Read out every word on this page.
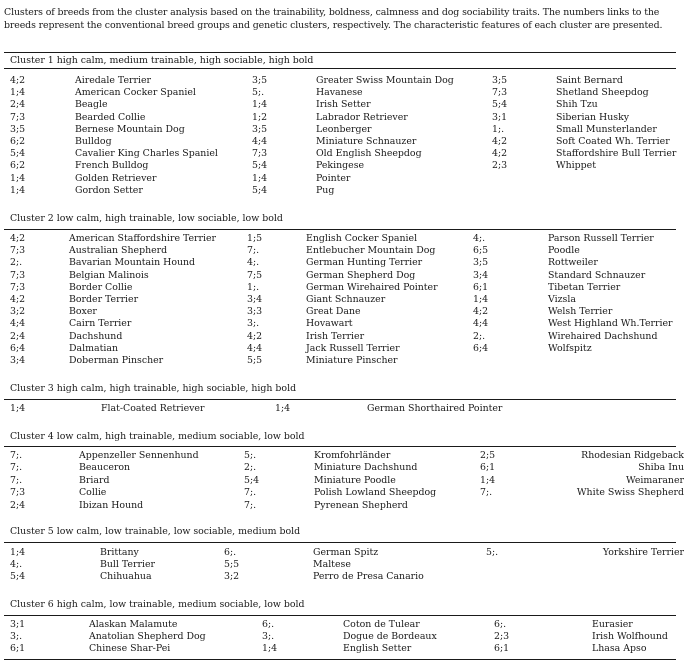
Clusters of breeds from the cluster analysis based on the trainability, boldness, calmness and dog sociability traits. The numbers links to the breeds represent the conventional breed groups and genetic clusters, respectively. The characteristic features of each cluster are presented.
Cluster 1 high calm, medium trainable, high sociable, high bold
4;2	Airedale Terrier	3;5	Greater Swiss Mountain Dog	3;5	Saint Bernard
1;4	American Cocker Spaniel	5;.	Havanese	7;3	Shetland Sheepdog
2;4	Beagle	1;4	Irish Setter	5;4	Shih Tzu
7;3	Bearded Collie	1;2	Labrador Retriever	3;1	Siberian Husky
3;5	Bernese Mountain Dog	3;5	Leonberger	1;.	Small Munsterlander
6;2	Bulldog	4;4	Miniature Schnauzer	4;2	Soft Coated Wh. Terrier
5;4	Cavalier King Charles Spaniel	7;3	Old English Sheepdog	4;2	Staffordshire Bull Terrier
6;2	French Bulldog	5;4	Pekingese	2;3	Whippet
1;4	Golden Retriever	1;4	Pointer
1;4	Gordon Setter	5;4	Pug
Cluster 2 low calm, high trainable, low sociable, low bold
4;2	American Staffordshire Terrier	1;5	English Cocker Spaniel	4;.	Parson Russell Terrier
7;3	Australian Shepherd	7;.	Entlebucher Mountain Dog	6;5	Poodle
2;.	Bavarian Mountain Hound	4;.	German Hunting Terrier	3;5	Rottweiler
7;3	Belgian Malinois	7;5	German Shepherd Dog	3;4	Standard Schnauzer
7;3	Border Collie	1;.	German Wirehaired Pointer	6;1	Tibetan Terrier
4;2	Border Terrier	3;4	Giant Schnauzer	1;4	Vizsla
3;2	Boxer	3;3	Great Dane	4;2	Welsh Terrier
4;4	Cairn Terrier	3;.	Hovawart	4;4	West Highland Wh.Terrier
2;4	Dachshund	4;2	Irish Terrier	2;.	Wirehaired Dachshund
6;4	Dalmatian	4;4	Jack Russell Terrier	6;4	Wolfspitz
3;4	Doberman Pinscher	5;5	Miniature Pinscher
Cluster 3 high calm, high trainable, high sociable, high bold
1;4	Flat-Coated Retriever	1;4	German Shorthaired Pointer
Cluster 4 low calm, high trainable, medium sociable, low bold
7;.	Appenzeller Sennenhund	5;.	Kromfohrländer	2;5	Rhodesian Ridgeback
7;.	Beauceron	2;.	Miniature Dachshund	6;1	Shiba Inu
7;.	Briard	5;4	Miniature Poodle	1;4	Weimaraner
7;3	Collie	7;.	Polish Lowland Sheepdog	7;.	White Swiss Shepherd
2;4	Ibizan Hound	7;.	Pyrenean Shepherd
Cluster 5 low calm, low trainable, low sociable, medium bold
1;4	Brittany	6;.	German Spitz	5;.	Yorkshire Terrier
4;.	Bull Terrier	5;5	Maltese
5;4	Chihuahua	3;2	Perro de Presa Canario
Cluster 6 high calm, low trainable, medium sociable, low bold
3;1	Alaskan Malamute	6;.	Coton de Tulear	6;.	Eurasier
3;.	Anatolian Shepherd Dog	3;.	Dogue de Bordeaux	2;3	Irish Wolfhound
6;1	Chinese Shar-Pei	1;4	English Setter	6;1	Lhasa Apso
